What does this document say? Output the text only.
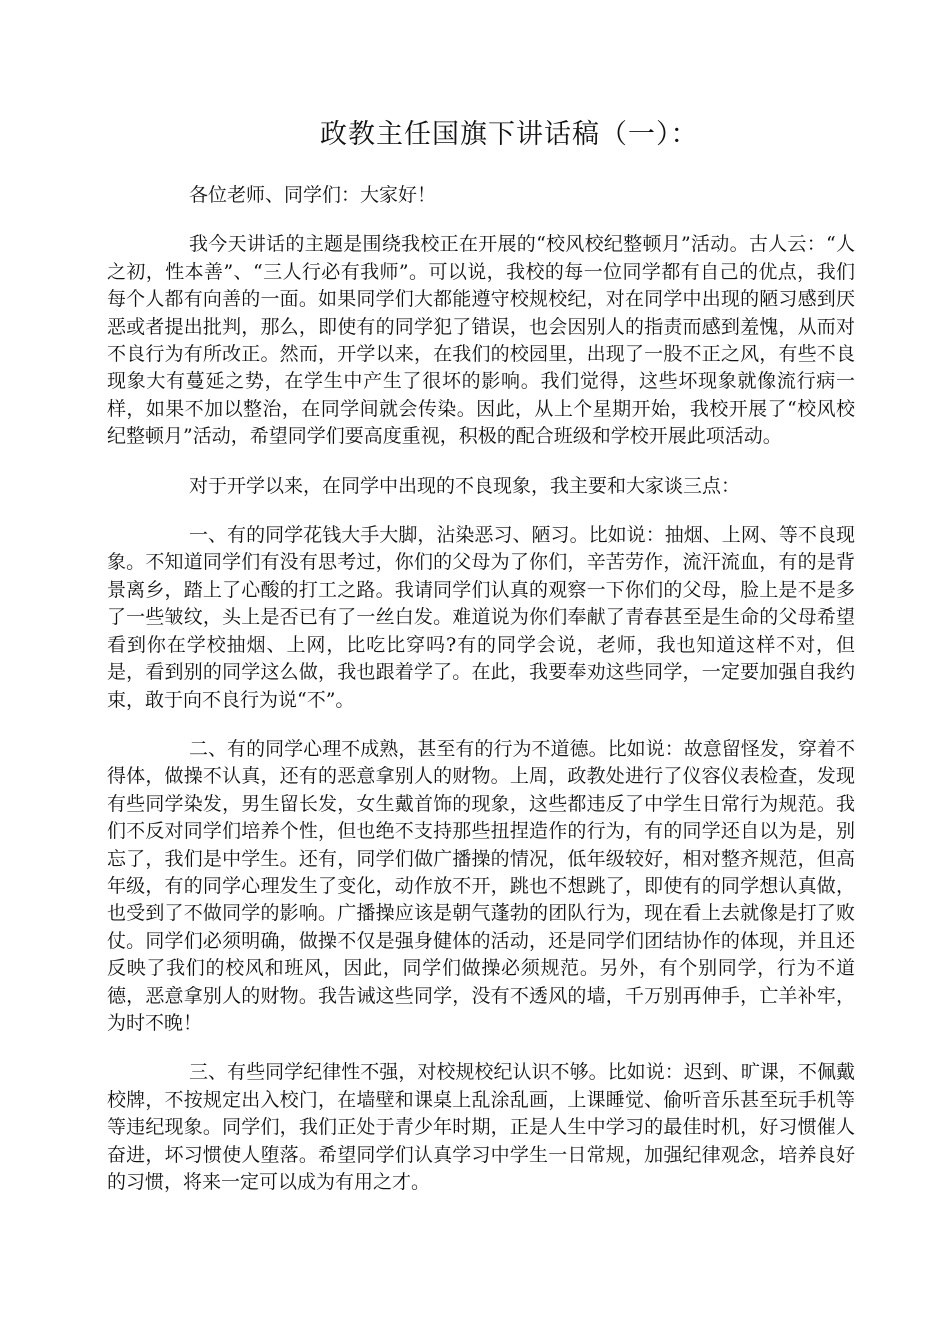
政教主任国旗下讲话稿（一）：

各位老师、同学们：大家好！

我今天讲话的主题是围绕我校正在开展的“校风校纪整顿月”活动。古人云：“人之初，性本善”、“三人行必有我师”。可以说，我校的每一位同学都有自己的优点，我们每个人都有向善的一面。如果同学们大都能遵守校规校纪，对在同学中出现的陋习感到厌恶或者提出批判，那么，即使有的同学犯了错误，也会因别人的指责而感到羞愧，从而对不良行为有所改正。然而，开学以来，在我们的校园里，出现了一股不正之风，有些不良现象大有蔓延之势，在学生中产生了很坏的影响。我们觉得，这些坏现象就像流行病一样，如果不加以整治，在同学间就会传染。因此，从上个星期开始，我校开展了“校风校纪整顿月”活动，希望同学们要高度重视，积极的配合班级和学校开展此项活动。

对于开学以来，在同学中出现的不良现象，我主要和大家谈三点：

一、有的同学花钱大手大脚，沾染恶习、陋习。比如说：抽烟、上网、等不良现象。不知道同学们有没有思考过，你们的父母为了你们，辛苦劳作，流汗流血，有的是背景离乡，踏上了心酸的打工之路。我请同学们认真的观察一下你们的父母，脸上是不是多了一些皱纹，头上是否已有了一丝白发。难道说为你们奉献了青春甚至是生命的父母希望看到你在学校抽烟、上网，比吃比穿吗?有的同学会说，老师，我也知道这样不对，但是，看到别的同学这么做，我也跟着学了。在此，我要奉劝这些同学，一定要加强自我约束，敢于向不良行为说“不”。

二、有的同学心理不成熟，甚至有的行为不道德。比如说：故意留怪发，穿着不得体，做操不认真，还有的恶意拿别人的财物。上周，政教处进行了仪容仪表检查，发现有些同学染发，男生留长发，女生戴首饰的现象，这些都违反了中学生日常行为规范。我们不反对同学们培养个性，但也绝不支持那些扭捏造作的行为，有的同学还自以为是，别忘了，我们是中学生。还有，同学们做广播操的情况，低年级较好，相对整齐规范，但高年级，有的同学心理发生了变化，动作放不开，跳也不想跳了，即使有的同学想认真做，也受到了不做同学的影响。广播操应该是朝气蓬勃的团队行为，现在看上去就像是打了败仗。同学们必须明确，做操不仅是强身健体的活动，还是同学们团结协作的体现，并且还反映了我们的校风和班风，因此，同学们做操必须规范。另外，有个别同学，行为不道德，恶意拿别人的财物。我告诫这些同学，没有不透风的墙，千万别再伸手，亡羊补牢，为时不晚！

三、有些同学纪律性不强，对校规校纪认识不够。比如说：迟到、旷课，不佩戴校牌，不按规定出入校门，在墙壁和课桌上乱涂乱画，上课睡觉、偷听音乐甚至玩手机等等违纪现象。同学们，我们正处于青少年时期，正是人生中学习的最佳时机，好习惯催人奋进，坏习惯使人堕落。希望同学们认真学习中学生一日常规，加强纪律观念，培养良好的习惯，将来一定可以成为有用之才。
